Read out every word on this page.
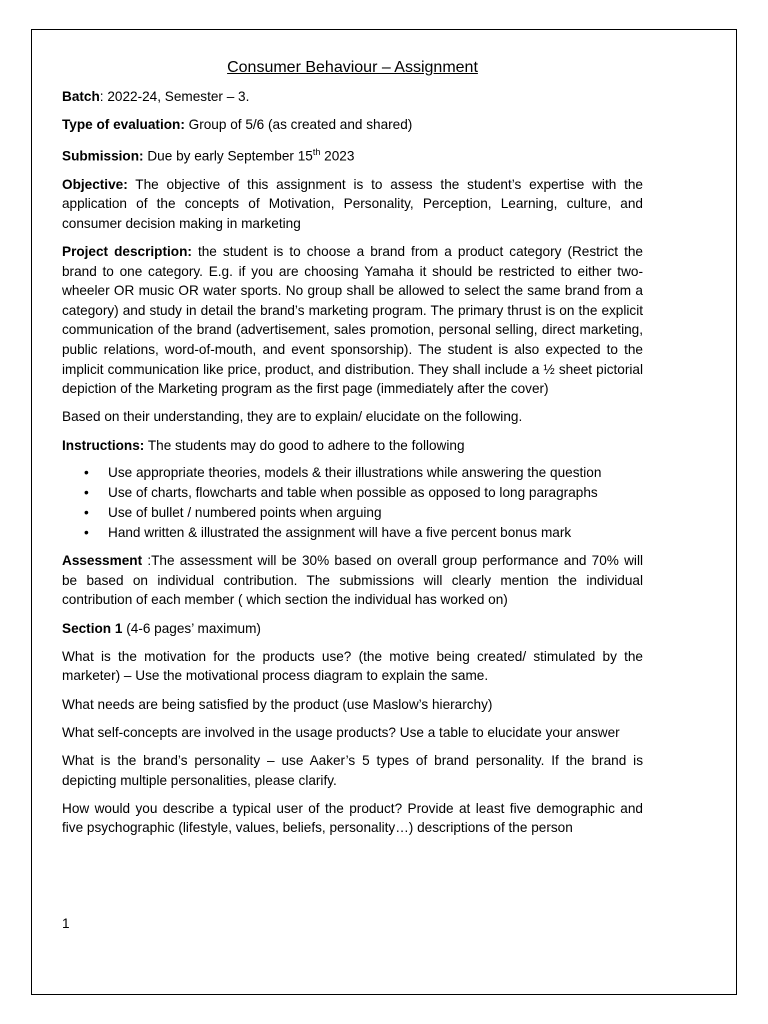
Consumer Behaviour – Assignment

Batch: 2022-24, Semester – 3.

Type of evaluation: Group of 5/6 (as created and shared)

Submission: Due by early September 15th 2023

Objective: The objective of this assignment is to assess the student’s expertise with the application of the concepts of Motivation, Personality, Perception, Learning, culture, and consumer decision making in marketing

Project description: the student is to choose a brand from a product category (Restrict the brand to one category. E.g. if you are choosing Yamaha it should be restricted to either two-wheeler OR music OR water sports. No group shall be allowed to select the same brand from a category) and study in detail the brand’s marketing program. The primary thrust is on the explicit communication of the brand (advertisement, sales promotion, personal selling, direct marketing, public relations, word-of-mouth, and event sponsorship). The student is also expected to the implicit communication like price, product, and distribution. They shall include a ½ sheet pictorial depiction of the Marketing program as the first page (immediately after the cover)

Based on their understanding, they are to explain/ elucidate on the following.

Instructions: The students may do good to adhere to the following

• Use appropriate theories, models & their illustrations while answering the question
• Use of charts, flowcharts and table when possible as opposed to long paragraphs
• Use of bullet / numbered points when arguing
• Hand written & illustrated the assignment will have a five percent bonus mark

Assessment :The assessment will be 30% based on overall group performance and 70% will be based on individual contribution. The submissions will clearly mention the individual contribution of each member ( which section the individual has worked on)

Section 1 (4-6 pages’ maximum)

What is the motivation for the products use? (the motive being created/ stimulated by the marketer) – Use the motivational process diagram to explain the same.

What needs are being satisfied by the product (use Maslow’s hierarchy)

What self-concepts are involved in the usage products? Use a table to elucidate your answer

What is the brand’s personality – use Aaker’s 5 types of brand personality. If the brand is depicting multiple personalities, please clarify.

How would you describe a typical user of the product? Provide at least five demographic and five psychographic (lifestyle, values, beliefs, personality…) descriptions of the person

1
